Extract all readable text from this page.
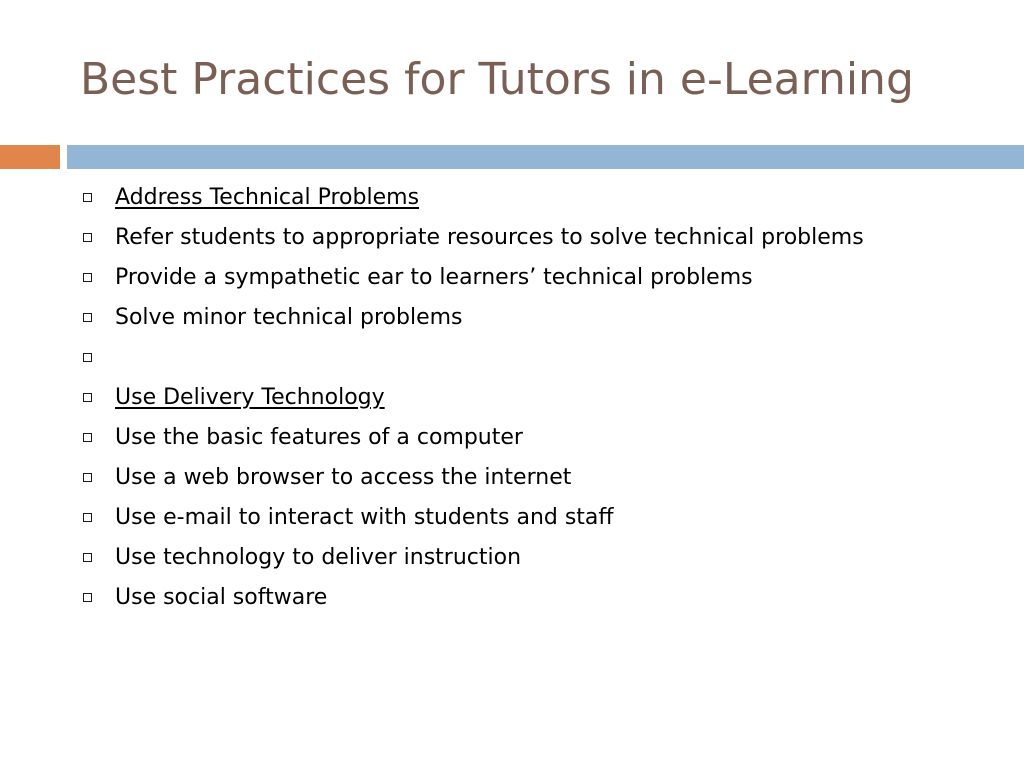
Best Practices for Tutors in e-Learning
Address Technical Problems
Refer students to appropriate resources to solve technical problems
Provide a sympathetic ear to learners’ technical problems
Solve minor technical problems
Use Delivery Technology
Use the basic features of a computer
Use a web browser to access the internet
Use e-mail to interact with students and staff
Use technology to deliver instruction
Use social software
